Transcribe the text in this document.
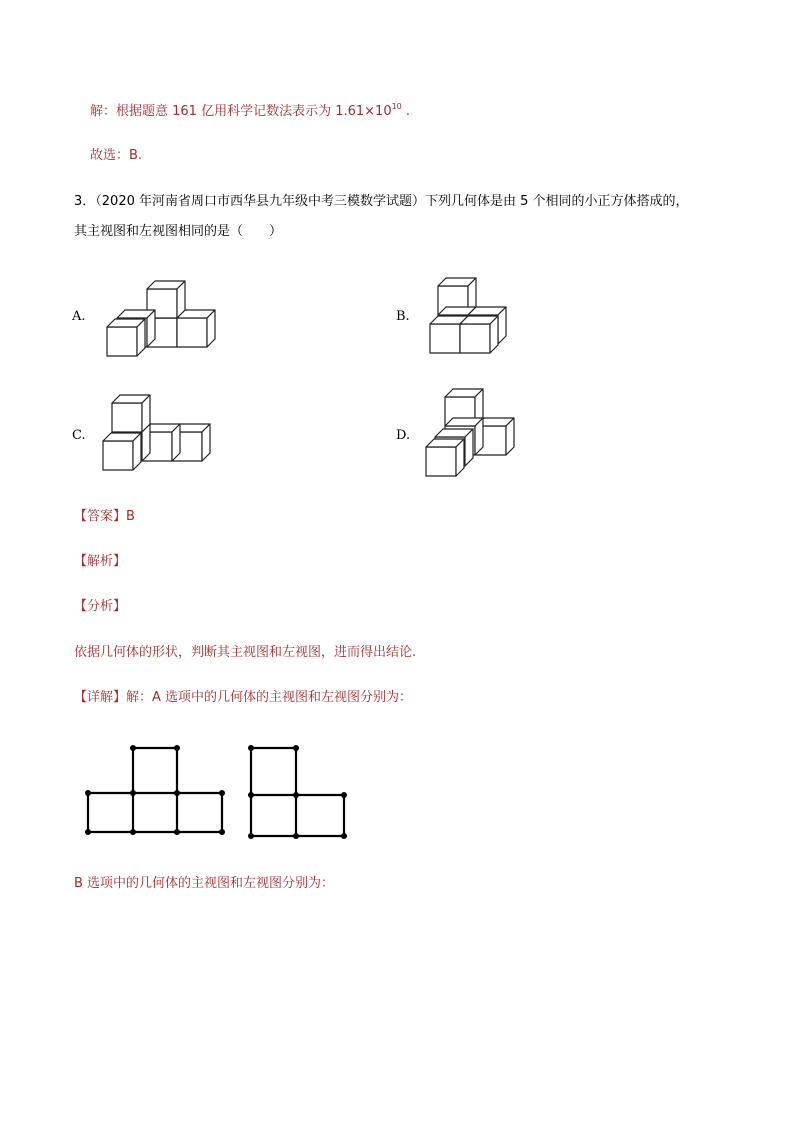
解：根据题意 161 亿用科学记数法表示为 $1.61\times 10^{10}$ .
故选：B.
3．（2020 年河南省周口市西华县九年级中考三模数学试题）下列几何体是由 5 个相同的小正方体搭成的，
其主视图和左视图相同的是（　　）
A.	B.
C.	D.
【答案】B
【解析】
【分析】
依据几何体的形状，判断其主视图和左视图，进而得出结论.
【详解】解：A 选项中的几何体的主视图和左视图分别为：
B 选项中的几何体的主视图和左视图分别为：
